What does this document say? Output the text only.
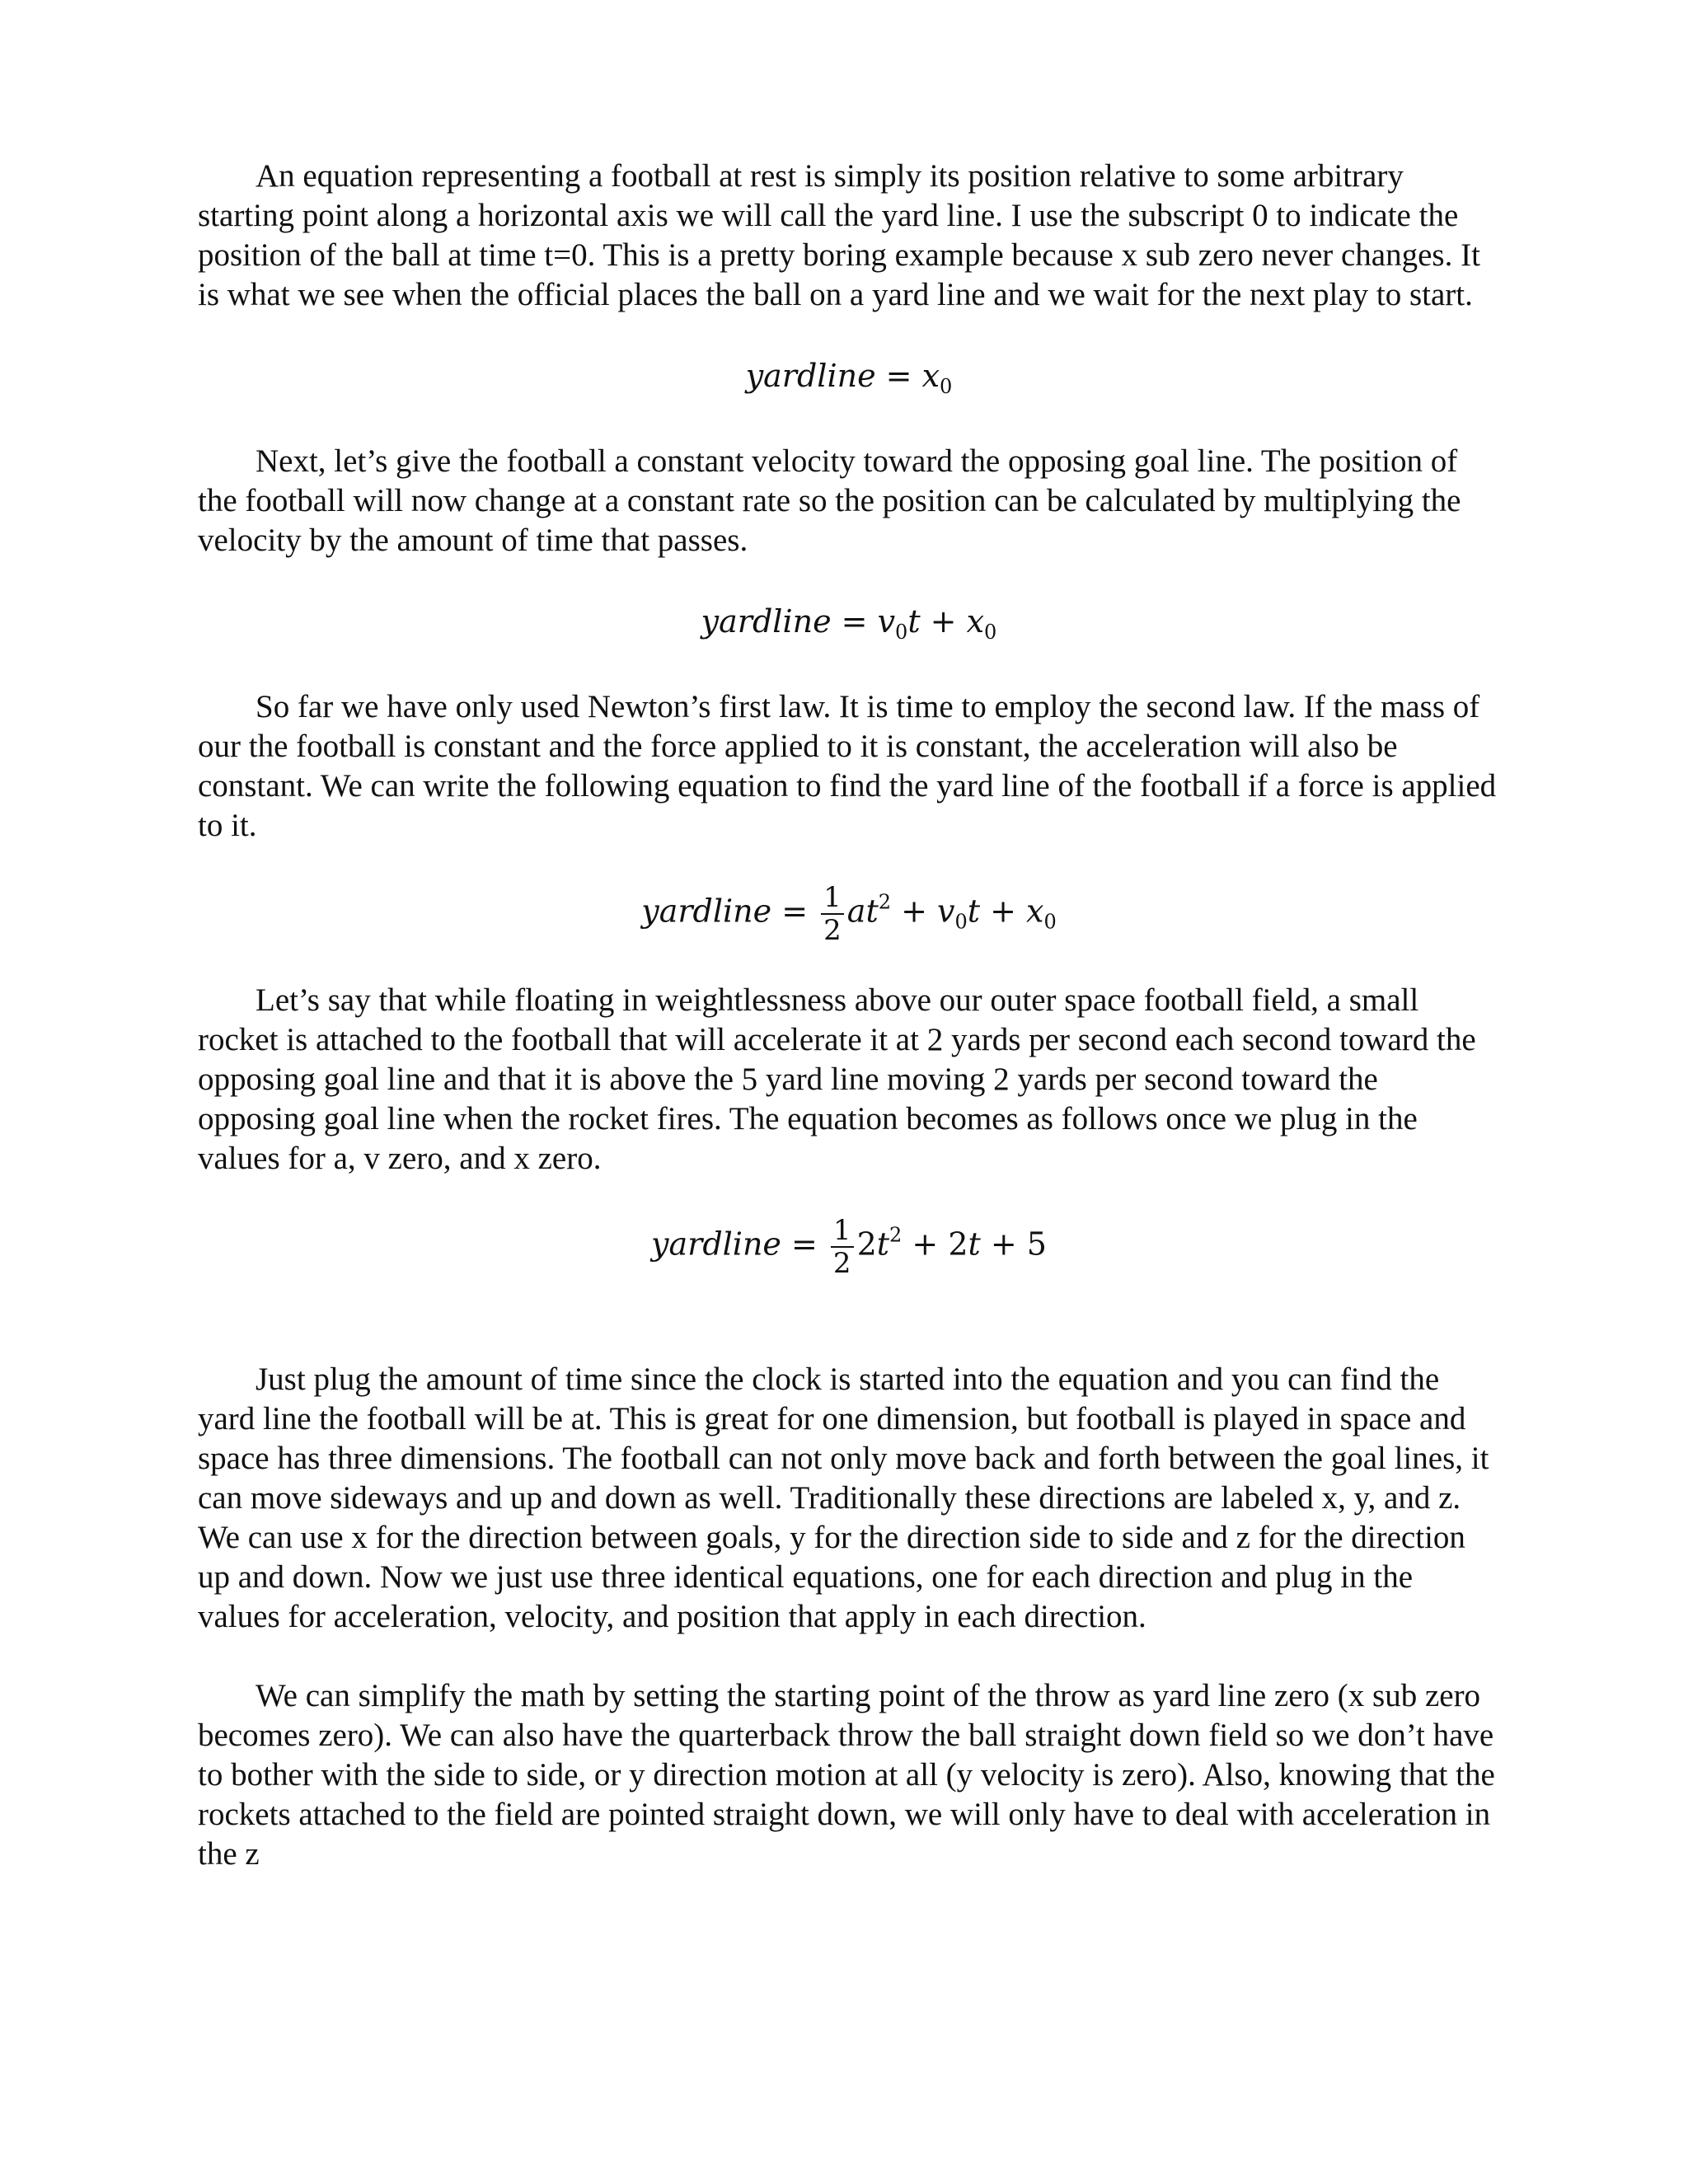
An equation representing a football at rest is simply its position relative to some arbitrary starting point along a horizontal axis we will call the yard line. I use the subscript 0 to indicate the position of the ball at time t=0. This is a pretty boring example because x sub zero never changes. It is what we see when the official places the ball on a yard line and we wait for the next play to start.

yardline = $x_0$

Next, let’s give the football a constant velocity toward the opposing goal line. The position of the football will now change at a constant rate so the position can be calculated by multiplying the velocity by the amount of time that passes.

yardline = $v_0t + x_0$

So far we have only used Newton’s first law. It is time to employ the second law. If the mass of our the football is constant and the force applied to it is constant, the acceleration will also be constant. We can write the following equation to find the yard line of the football if a force is applied to it.

yardline = $\frac{1}{2} at^2 + v_0t + x_0$

Let’s say that while floating in weightlessness above our outer space football field, a small rocket is attached to the football that will accelerate it at 2 yards per second each second toward the opposing goal line and that it is above the 5 yard line moving 2 yards per second toward the opposing goal line when the rocket fires. The equation becomes as follows once we plug in the values for a, v zero, and x zero.

yardline = $\frac{1}{2} 2t^2 + 2t + 5$

Just plug the amount of time since the clock is started into the equation and you can find the yard line the football will be at. This is great for one dimension, but football is played in space and space has three dimensions. The football can not only move back and forth between the goal lines, it can move sideways and up and down as well. Traditionally these directions are labeled x, y, and z. We can use x for the direction between goals, y for the direction side to side and z for the direction up and down. Now we just use three identical equations, one for each direction and plug in the values for acceleration, velocity, and position that apply in each direction.

We can simplify the math by setting the starting point of the throw as yard line zero (x sub zero becomes zero). We can also have the quarterback throw the ball straight down field so we don’t have to bother with the side to side, or y direction motion at all (y velocity is zero). Also, knowing that the rockets attached to the field are pointed straight down, we will only have to deal with acceleration in the z
